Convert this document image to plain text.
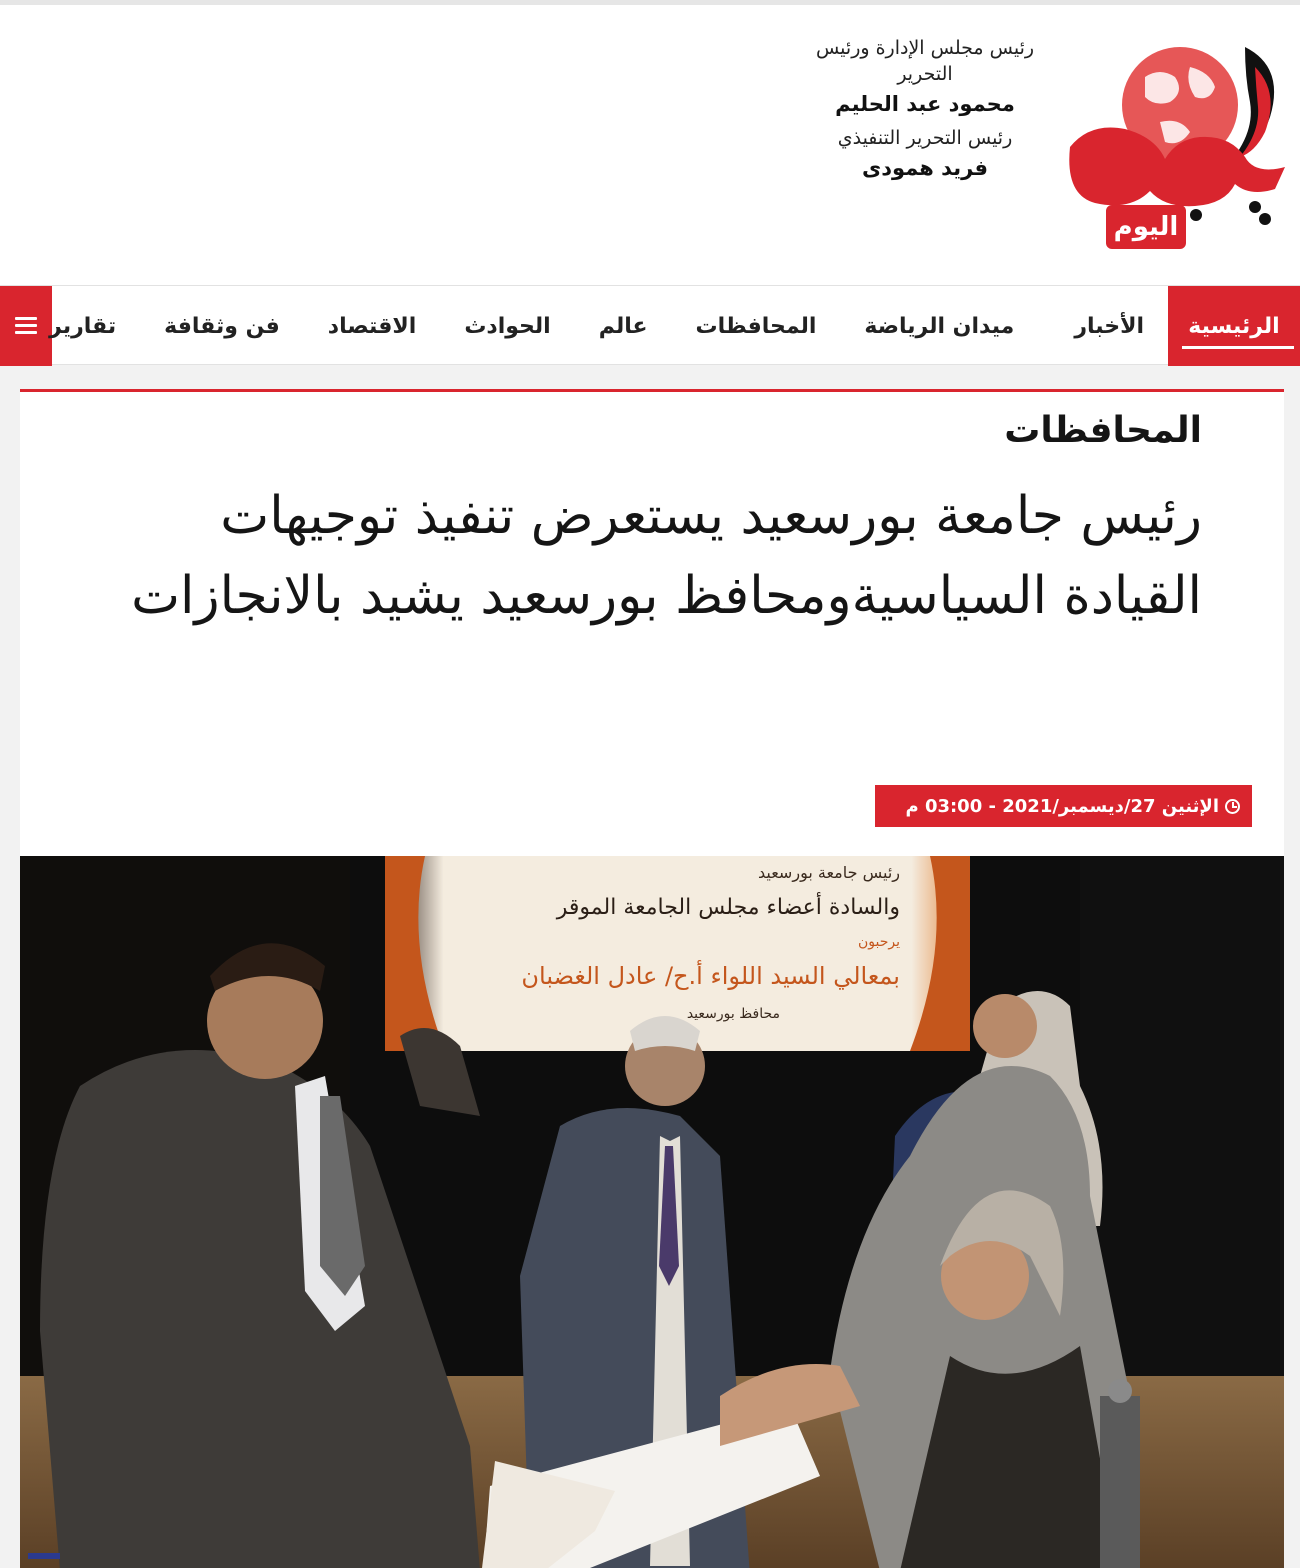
اليوم
رئيس مجلس الإدارة ورئيس التحرير
محمود عبد الحليم
رئيس التحرير التنفيذي
فريد همودى
الرئيسية
الأخبار
ميدان الرياضة
المحافظات
عالم
الحوادث
الاقتصاد
فن وثقافة
تقارير
المحافظات
رئيس جامعة بورسعيد يستعرض تنفيذ توجيهات القيادة السياسيةومحافظ بورسعيد يشيد بالانجازات
الإثنين 27/ديسمبر/2021 - 03:00 م
رئيس جامعة بورسعيد
والسادة أعضاء مجلس الجامعة الموقر
يرحبون
بمعالي السيد اللواء أ.ح/ عادل الغضبان
محافظ بورسعيد
